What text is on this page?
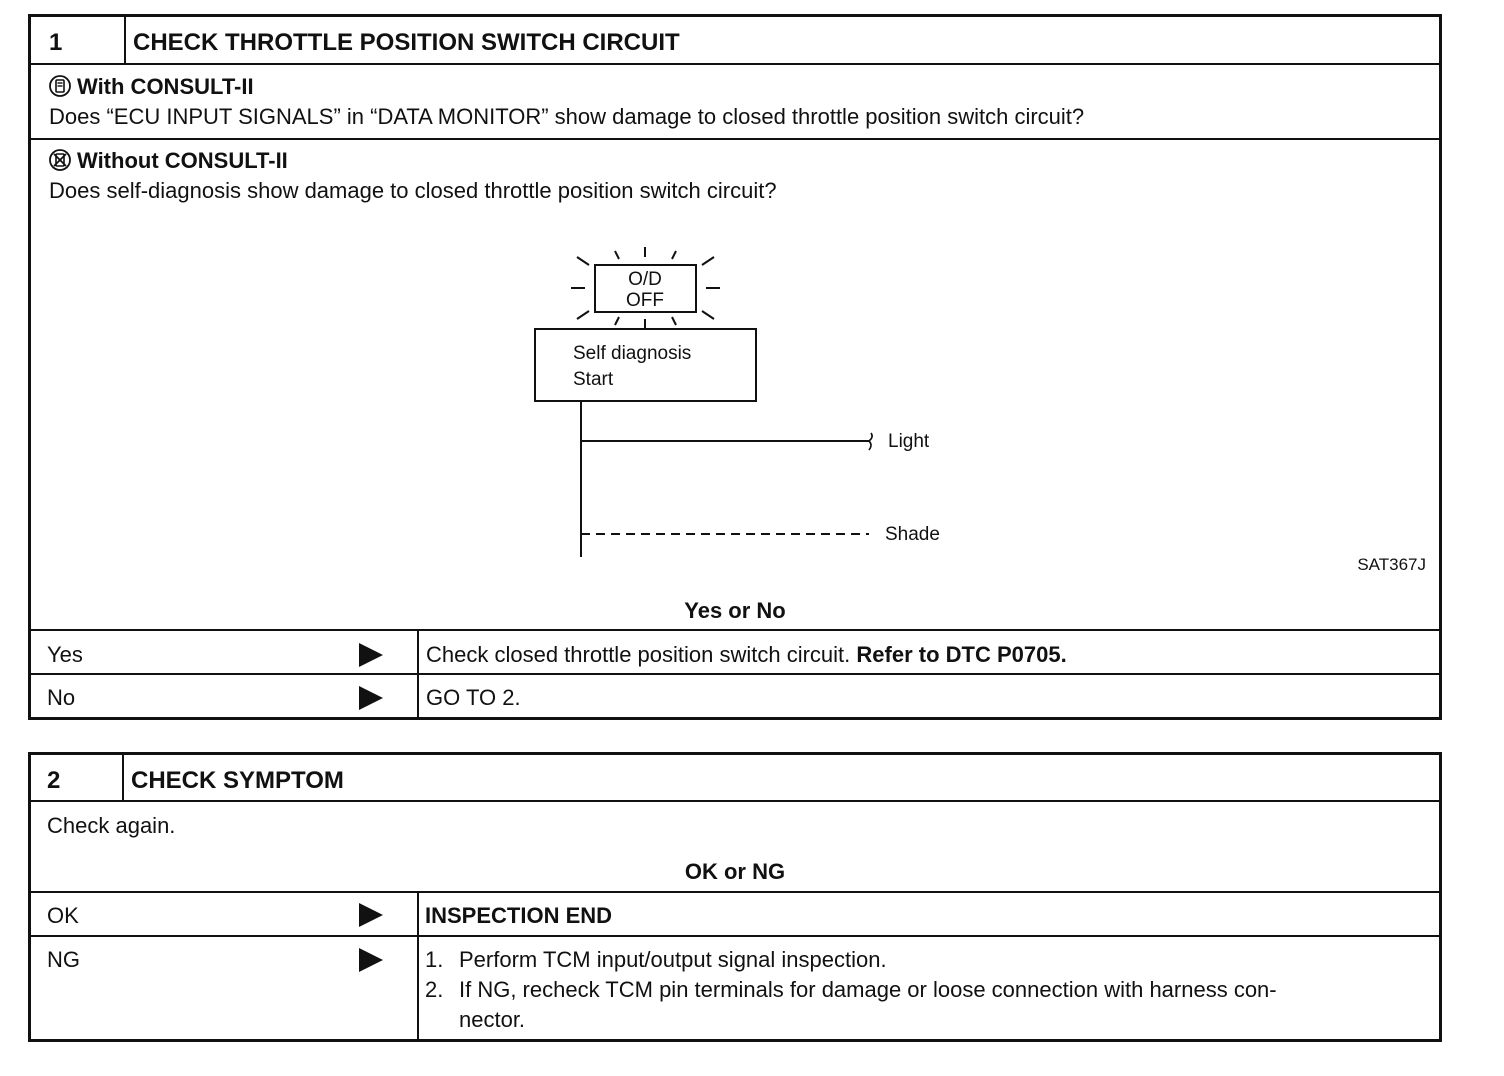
1	CHECK THROTTLE POSITION SWITCH CIRCUIT
With CONSULT-II
Does “ECU INPUT SIGNALS” in “DATA MONITOR” show damage to closed throttle position switch circuit?
Without CONSULT-II
Does self-diagnosis show damage to closed throttle position switch circuit?
O/D
OFF
Self diagnosis
Start
Light
Shade
SAT367J
Yes or No
Yes	Check closed throttle position switch circuit. Refer to DTC P0705.
No	GO TO 2.
2	CHECK SYMPTOM
Check again.
OK or NG
OK	INSPECTION END
NG	1. Perform TCM input/output signal inspection.
2. If NG, recheck TCM pin terminals for damage or loose connection with harness con-
nector.
